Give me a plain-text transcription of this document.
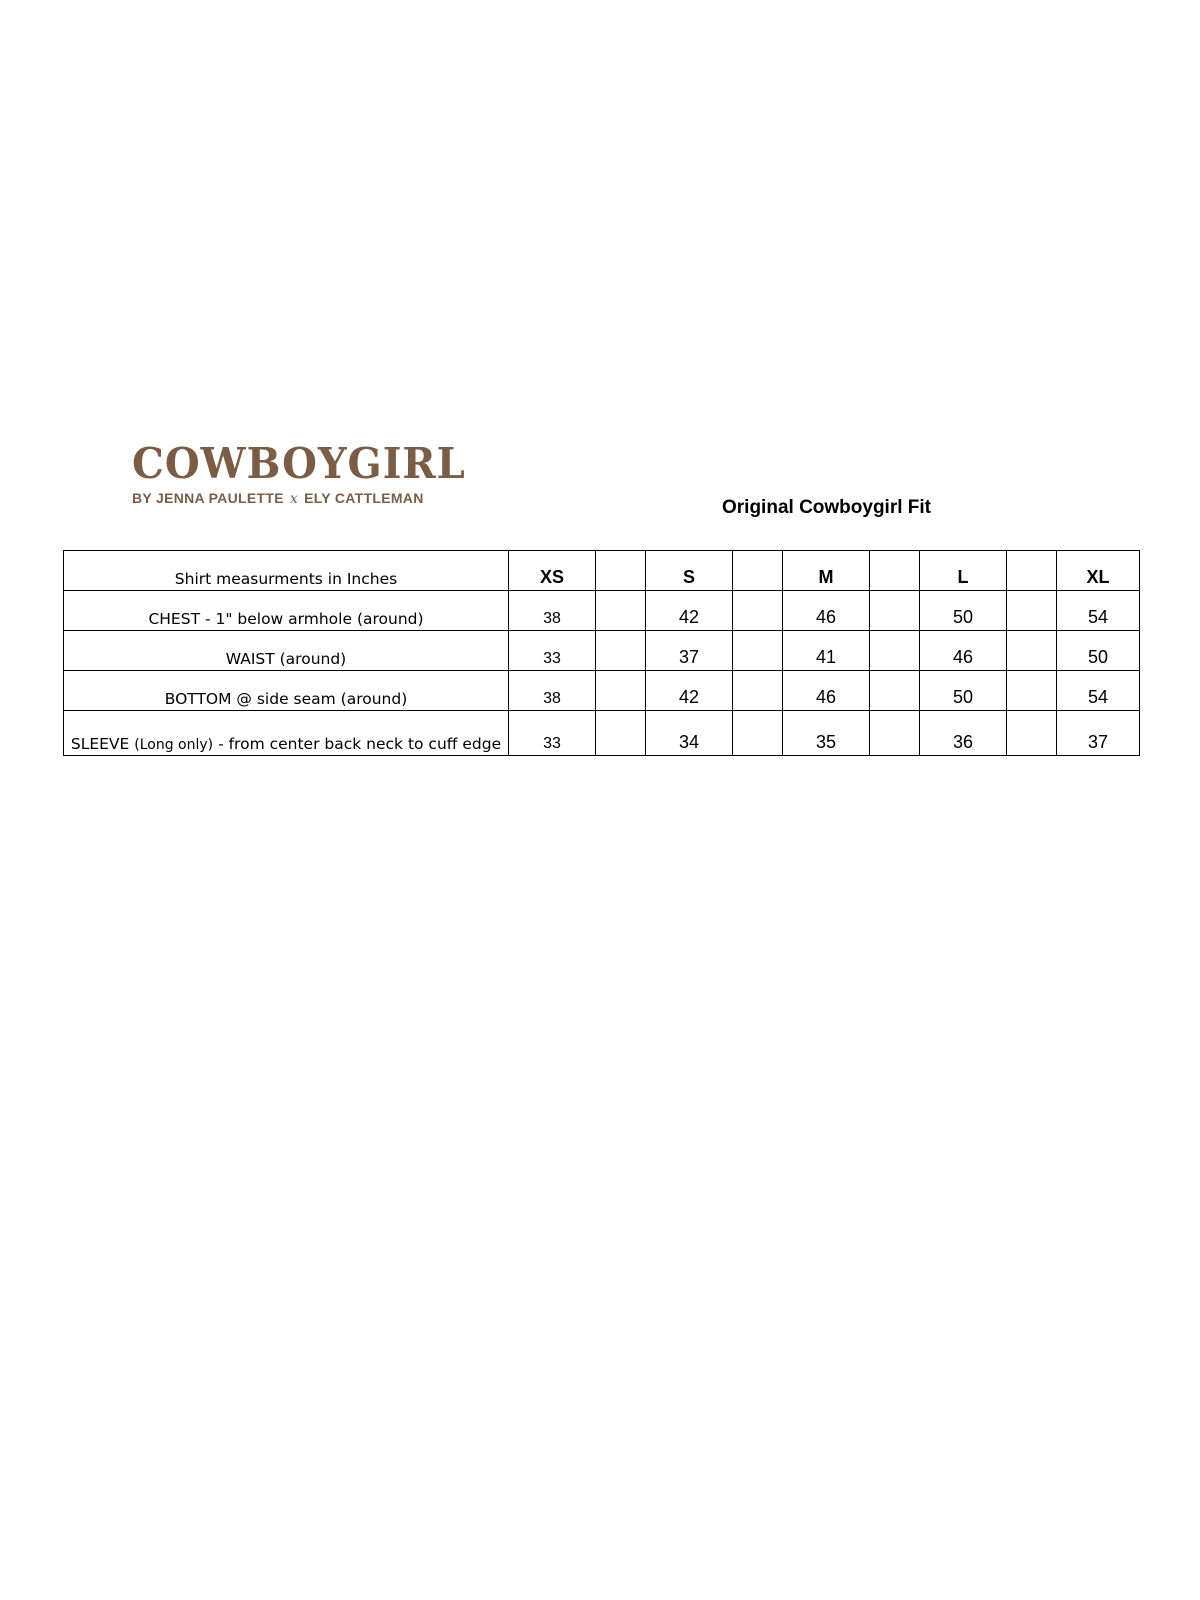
COWBOYGIRL
BY JENNA PAULETTE x ELY CATTLEMAN	Original Cowboygirl Fit
Shirt measurments in Inches	XS		S		M		L		XL
CHEST - 1" below armhole (around)	38		42		46		50		54
WAIST (around)	33		37		41		46		50
BOTTOM @ side seam (around)	38		42		46		50		54
SLEEVE (Long only) - from center back neck to cuff edge	33		34		35		36		37
